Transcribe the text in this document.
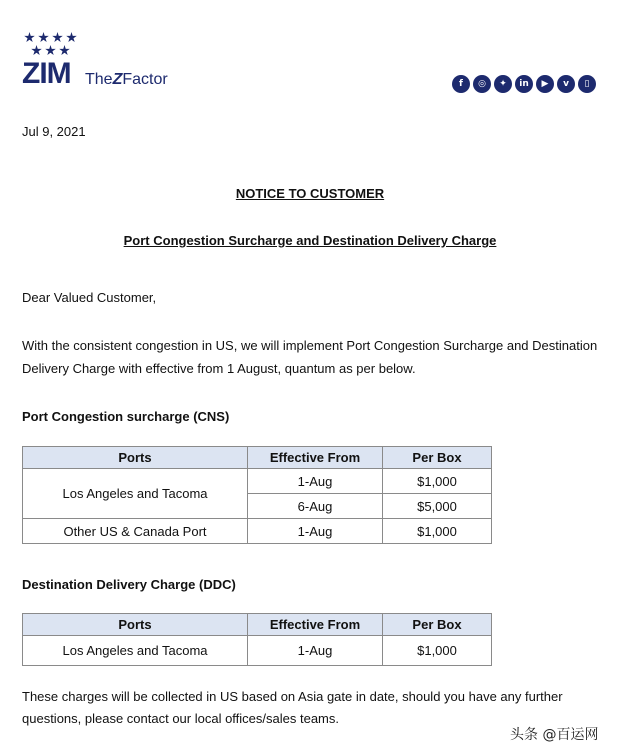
ZIM TheZFactor	f	◎	✦	in	▶	v	▯
Jul 9, 2021
NOTICE TO CUSTOMER
Port Congestion Surcharge and Destination Delivery Charge
Dear Valued Customer,
With the consistent congestion in US, we will implement Port Congestion Surcharge and Destination Delivery Charge with effective from 1 August, quantum as per below.
Port Congestion surcharge (CNS)
Ports	Effective From	Per Box
Los Angeles and Tacoma	1-Aug	$1,000
	6-Aug	$5,000
Other US & Canada Port	1-Aug	$1,000
Destination Delivery Charge (DDC)
Ports	Effective From	Per Box
Los Angeles and Tacoma	1-Aug	$1,000
These charges will be collected in US based on Asia gate in date, should you have any further questions, please contact our local offices/sales teams.
头条 @百运网
